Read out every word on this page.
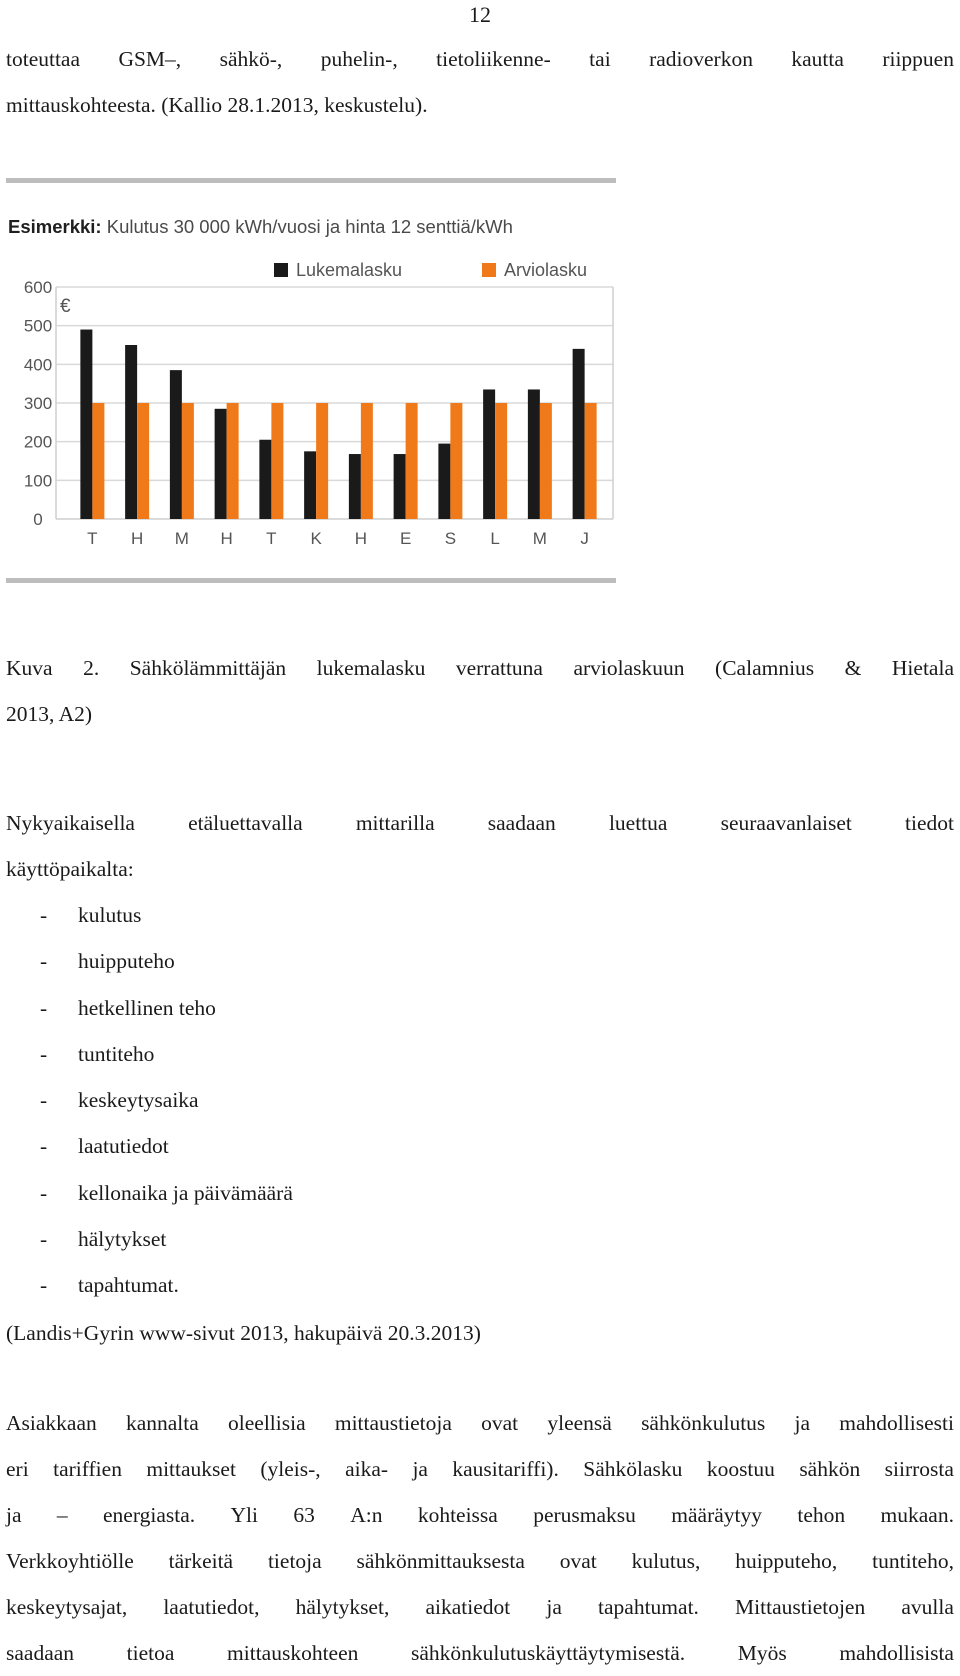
12
toteuttaa GSM–, sähkö-, puhelin-, tietoliikenne- tai radioverkon kautta riippuen
mittauskohteesta. (Kallio 28.1.2013, keskustelu).
Esimerkki: Kulutus 30 000 kWh/vuosi ja hinta 12 senttiä/kWh
0
100
200
300
400
500
600
€
Lukemalasku	Arviolasku
T H M H T K H E S L M J
Kuva 2. Sähkölämmittäjän lukemalasku verrattuna arviolaskuun (Calamnius & Hietala
2013, A2)
Nykyaikaisella etäluettavalla mittarilla saadaan luettua seuraavanlaiset tiedot
käyttöpaikalta:
-	kulutus
-	huipputeho
-	hetkellinen teho
-	tuntiteho
-	keskeytysaika
-	laatutiedot
-	kellonaika ja päivämäärä
-	hälytykset
-	tapahtumat.
(Landis+Gyrin www-sivut 2013, hakupäivä 20.3.2013)
Asiakkaan kannalta oleellisia mittaustietoja ovat yleensä sähkönkulutus ja mahdollisesti
eri tariffien mittaukset (yleis-, aika- ja kausitariffi). Sähkölasku koostuu sähkön siirrosta
ja – energiasta. Yli 63 A:n kohteissa perusmaksu määräytyy tehon mukaan.
Verkkoyhtiölle tärkeitä tietoja sähkönmittauksesta ovat kulutus, huipputeho, tuntiteho,
keskeytysajat, laatutiedot, hälytykset, aikatiedot ja tapahtumat. Mittaustietojen avulla
saadaan tietoa mittauskohteen sähkönkulutuskäyttäytymisestä. Myös mahdollisista
